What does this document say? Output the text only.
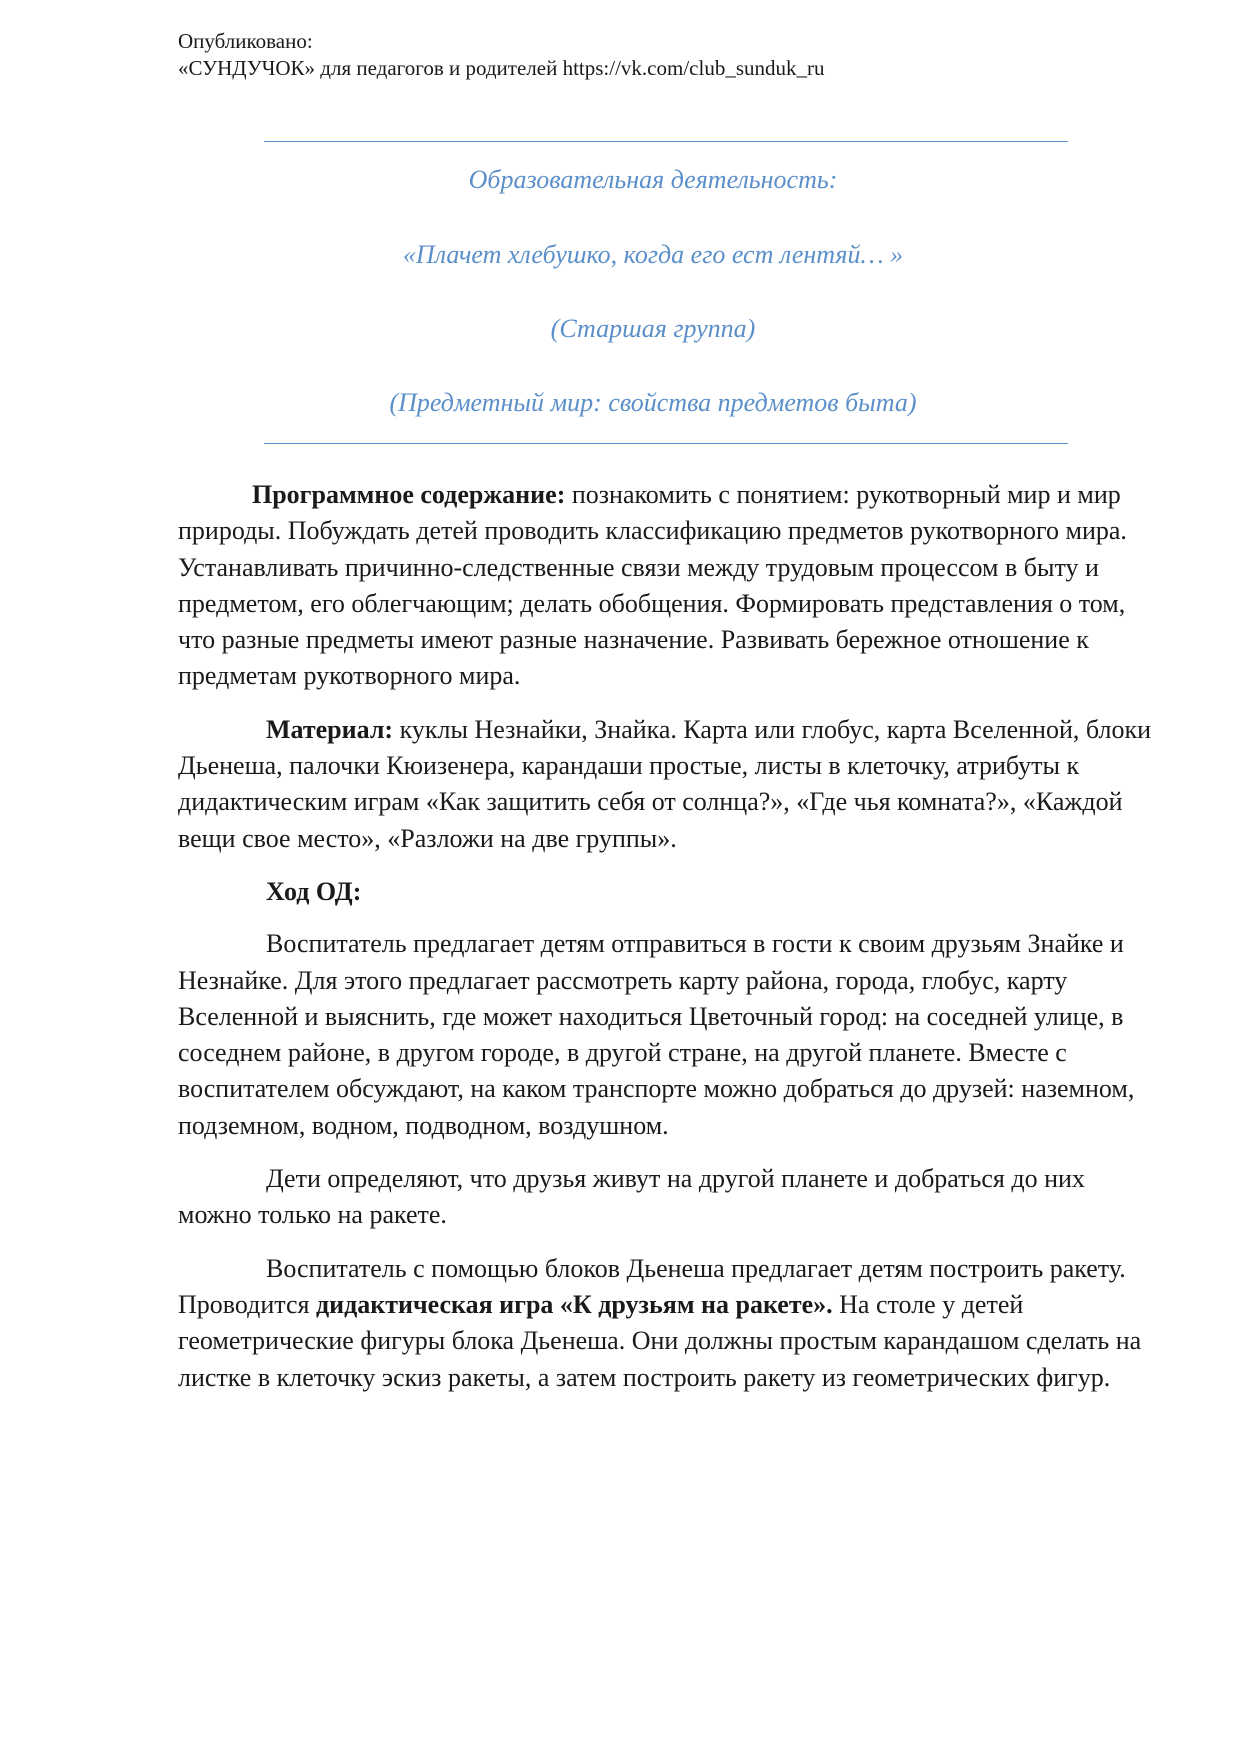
Опубликовано:
«СУНДУЧОК» для педагогов и родителей https://vk.com/club_sunduk_ru
Образовательная деятельность:
«Плачет хлебушко, когда его ест лентяй… »
(Старшая группа)
(Предметный мир: свойства предметов быта)

Программное содержание: познакомить с понятием: рукотворный мир и мир природы. Побуждать детей проводить классификацию предметов рукотворного мира. Устанавливать причинно-следственные связи между трудовым процессом в быту и предметом, его облегчающим; делать обобщения. Формировать представления о том, что разные предметы имеют разные назначение. Развивать бережное отношение к предметам рукотворного мира.

Материал: куклы Незнайки, Знайка. Карта или глобус, карта Вселенной, блоки Дьенеша, палочки Кюизенера, карандаши простые, листы в клеточку, атрибуты к дидактическим играм «Как защитить себя от солнца?», «Где чья комната?», «Каждой вещи свое место», «Разложи на две группы».

Ход ОД:

Воспитатель предлагает детям отправиться в гости к своим друзьям Знайке и Незнайке. Для этого предлагает рассмотреть карту района, города, глобус, карту Вселенной и выяснить, где может находиться Цветочный город: на соседней улице, в соседнем районе, в другом городе, в другой стране, на другой планете. Вместе с воспитателем обсуждают, на каком транспорте можно добраться до друзей: наземном, подземном, водном, подводном, воздушном.

Дети определяют, что друзья живут на другой планете и добраться до них можно только на ракете.

Воспитатель с помощью блоков Дьенеша предлагает детям построить ракету. Проводится дидактическая игра «К друзьям на ракете». На столе у детей геометрические фигуры блока Дьенеша. Они должны простым карандашом сделать на листке в клеточку эскиз ракеты, а затем построить ракету из геометрических фигур.
